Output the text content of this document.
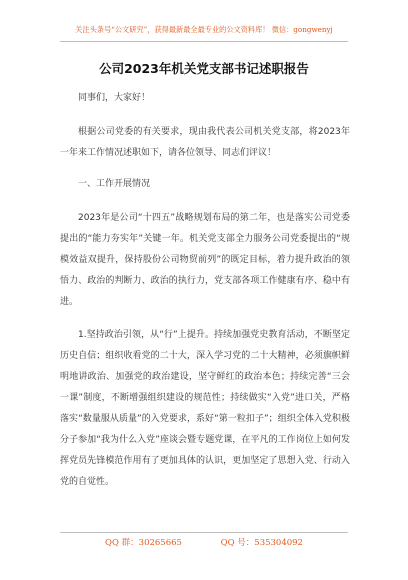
关注头条号“公文研究”，获得最新最全最专业的公文资料库！ 微信：gongwenyj
公司2023年机关党支部书记述职报告

同事们，大家好！

根据公司党委的有关要求，现由我代表公司机关党支部，将2023年一年来工作情况述职如下，请各位领导、同志们评议！

一、工作开展情况

2023年是公司“十四五”战略规划布局的第二年，也是落实公司党委提出的“能力夯实年”关键一年。机关党支部全力服务公司党委提出的“规模效益双提升，保持股份公司物贸前列”的既定目标，着力提升政治的领悟力、政治的判断力、政治的执行力，党支部各项工作健康有序、稳中有进。

1.坚持政治引领，从“行”上提升。持续加强党史教育活动，不断坚定历史自信；组织收看党的二十大，深入学习党的二十大精神，必须旗帜鲜明地讲政治、加强党的政治建设，坚守鲜红的政治本色；持续完善“三会一课”制度，不断增强组织建设的规范性；持续做实“入党”进口关，严格落实“数量服从质量”的入党要求，系好“第一粒扣子”；组织全体入党积极分子参加“我为什么入党”座谈会暨专题党课，在平凡的工作岗位上如何发挥党员先锋模范作用有了更加具体的认识，更加坚定了思想入党、行动入党的自觉性。

QQ 群：30265665	QQ 号：535304092
